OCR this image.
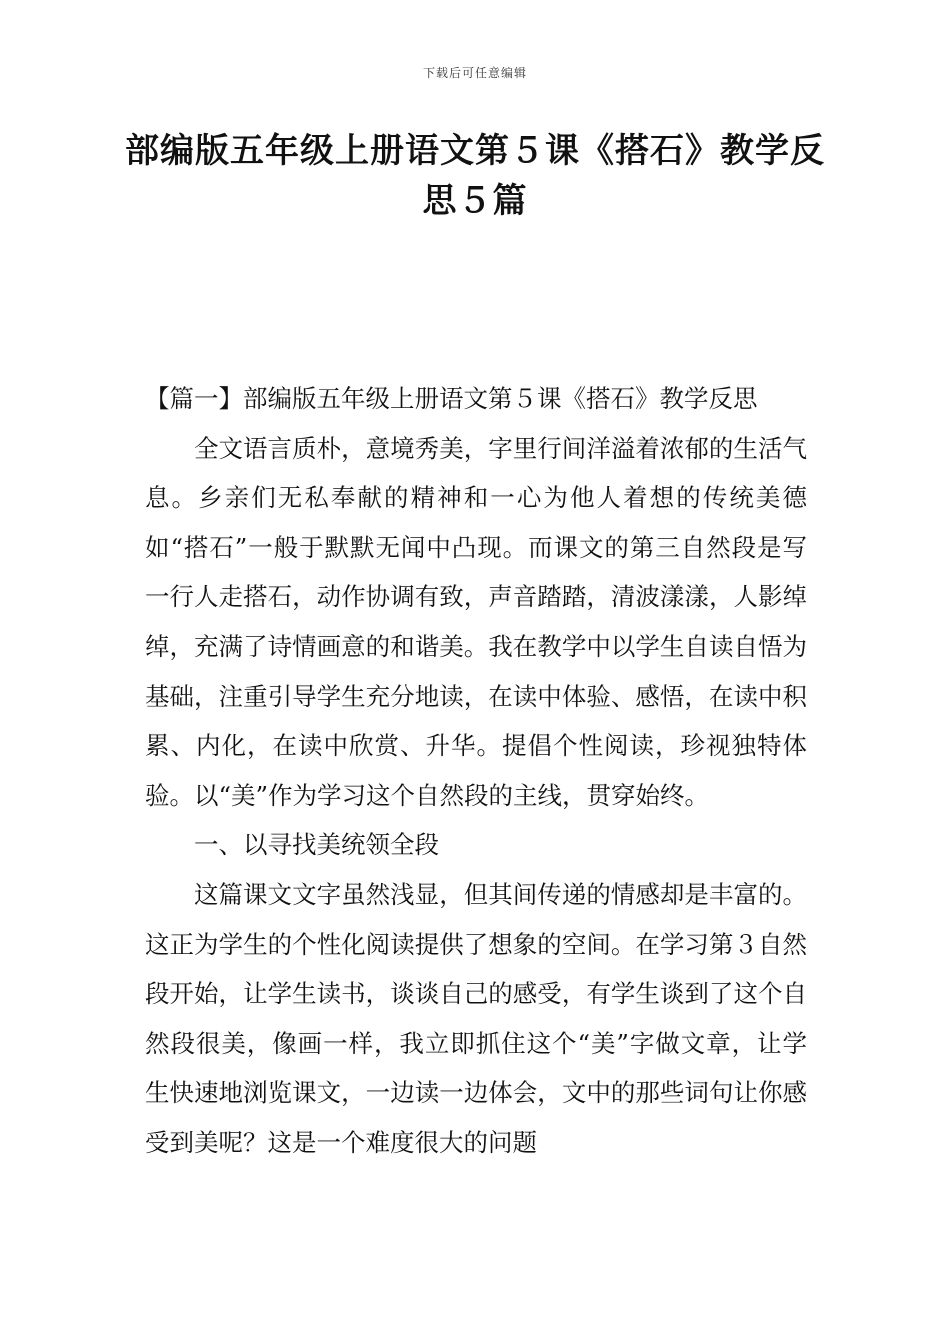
下载后可任意编辑
部编版五年级上册语文第５课《搭石》教学反思５篇

【篇一】部编版五年级上册语文第５课《搭石》教学反思

全文语言质朴，意境秀美，字里行间洋溢着浓郁的生活气息。乡亲们无私奉献的精神和一心为他人着想的传统美德如“搭石”一般于默默无闻中凸现。而课文的第三自然段是写一行人走搭石，动作协调有致，声音踏踏，清波漾漾，人影绰绰，充满了诗情画意的和谐美。我在教学中以学生自读自悟为基础，注重引导学生充分地读，在读中体验、感悟，在读中积累、内化，在读中欣赏、升华。提倡个性阅读，珍视独特体验。以“美”作为学习这个自然段的主线，贯穿始终。

一、以寻找美统领全段

这篇课文文字虽然浅显，但其间传递的情感却是丰富的。这正为学生的个性化阅读提供了想象的空间。在学习第３自然段开始，让学生读书，谈谈自己的感受，有学生谈到了这个自然段很美，像画一样，我立即抓住这个“美”字做文章，让学生快速地浏览课文，一边读一边体会，文中的那些词句让你感受到美呢？这是一个难度很大的问题
